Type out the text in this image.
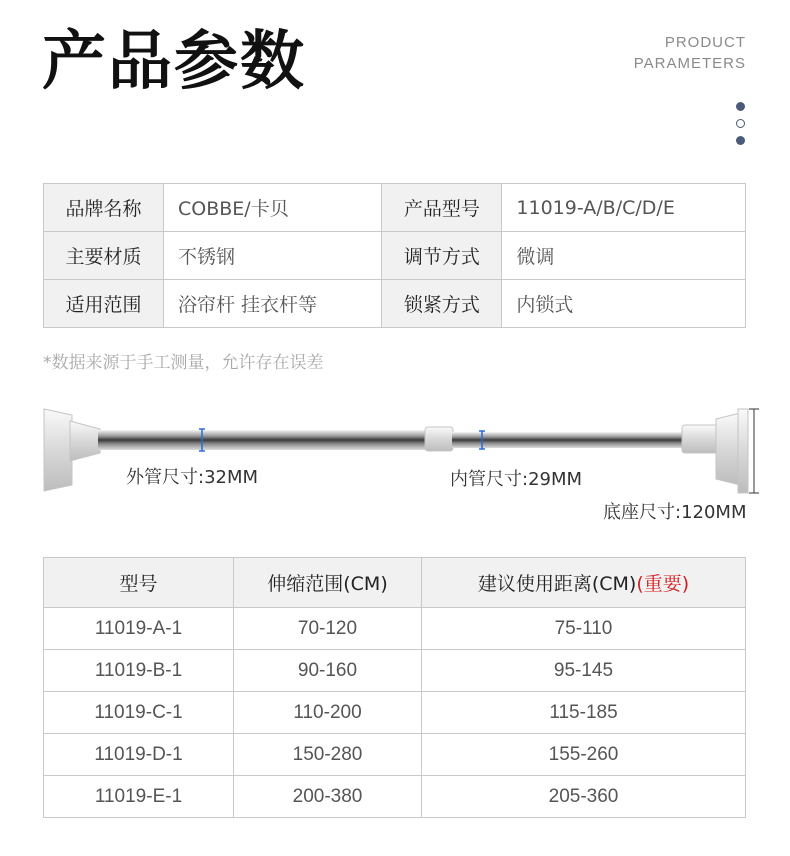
产品参数	PRODUCT
PARAMETERS
品牌名称	COBBE/卡贝	产品型号	11019-A/B/C/D/E
主要材质	不锈钢	调节方式	微调
适用范围	浴帘杆 挂衣杆等	锁紧方式	内锁式
*数据来源于手工测量，允许存在误差
外管尺寸:32MM	内管尺寸:29MM
底座尺寸:120MM
型号	伸缩范围(CM)	建议使用距离(CM)(重要)
11019-A-1	70-120	75-110
11019-B-1	90-160	95-145
11019-C-1	110-200	115-185
11019-D-1	150-280	155-260
11019-E-1	200-380	205-360
